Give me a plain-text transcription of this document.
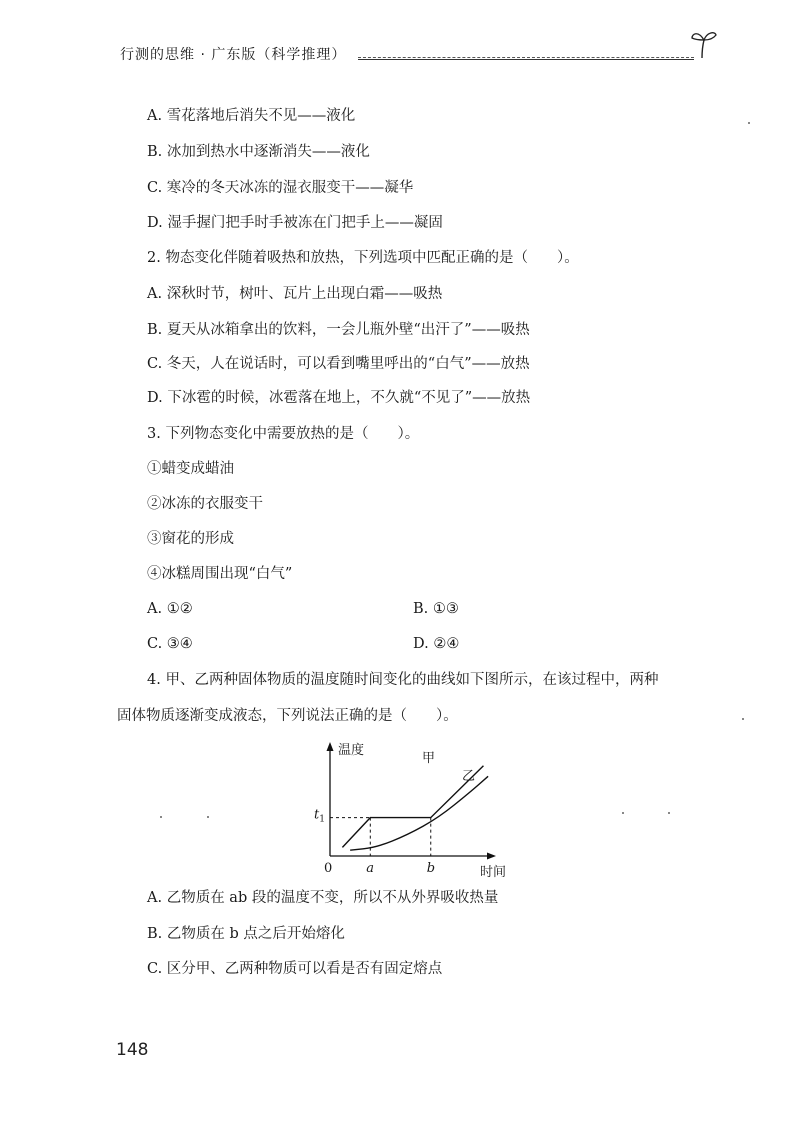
行测的思维 · 广东版（科学推理）
A. 雪花落地后消失不见——液化
B. 冰加到热水中逐渐消失——液化
C. 寒冷的冬天冰冻的湿衣服变干——凝华
D. 湿手握门把手时手被冻在门把手上——凝固
2. 物态变化伴随着吸热和放热，下列选项中匹配正确的是（　　）。
A. 深秋时节，树叶、瓦片上出现白霜——吸热
B. 夏天从冰箱拿出的饮料，一会儿瓶外壁“出汗了”——吸热
C. 冬天，人在说话时，可以看到嘴里呼出的“白气”——放热
D. 下冰雹的时候，冰雹落在地上，不久就“不见了”——放热
3. 下列物态变化中需要放热的是（　　）。
①蜡变成蜡油
②冰冻的衣服变干
③窗花的形成
④冰糕周围出现“白气”
A. ①②	B. ①③
C. ③④	D. ②④
4. 甲、乙两种固体物质的温度随时间变化的曲线如下图所示，在该过程中，两种
固体物质逐渐变成液态，下列说法正确的是（　　）。
温度
时间
0	a	b
$t_1$
甲
乙
A. 乙物质在 ab 段的温度不变，所以不从外界吸收热量
B. 乙物质在 b 点之后开始熔化
C. 区分甲、乙两种物质可以看是否有固定熔点
148
